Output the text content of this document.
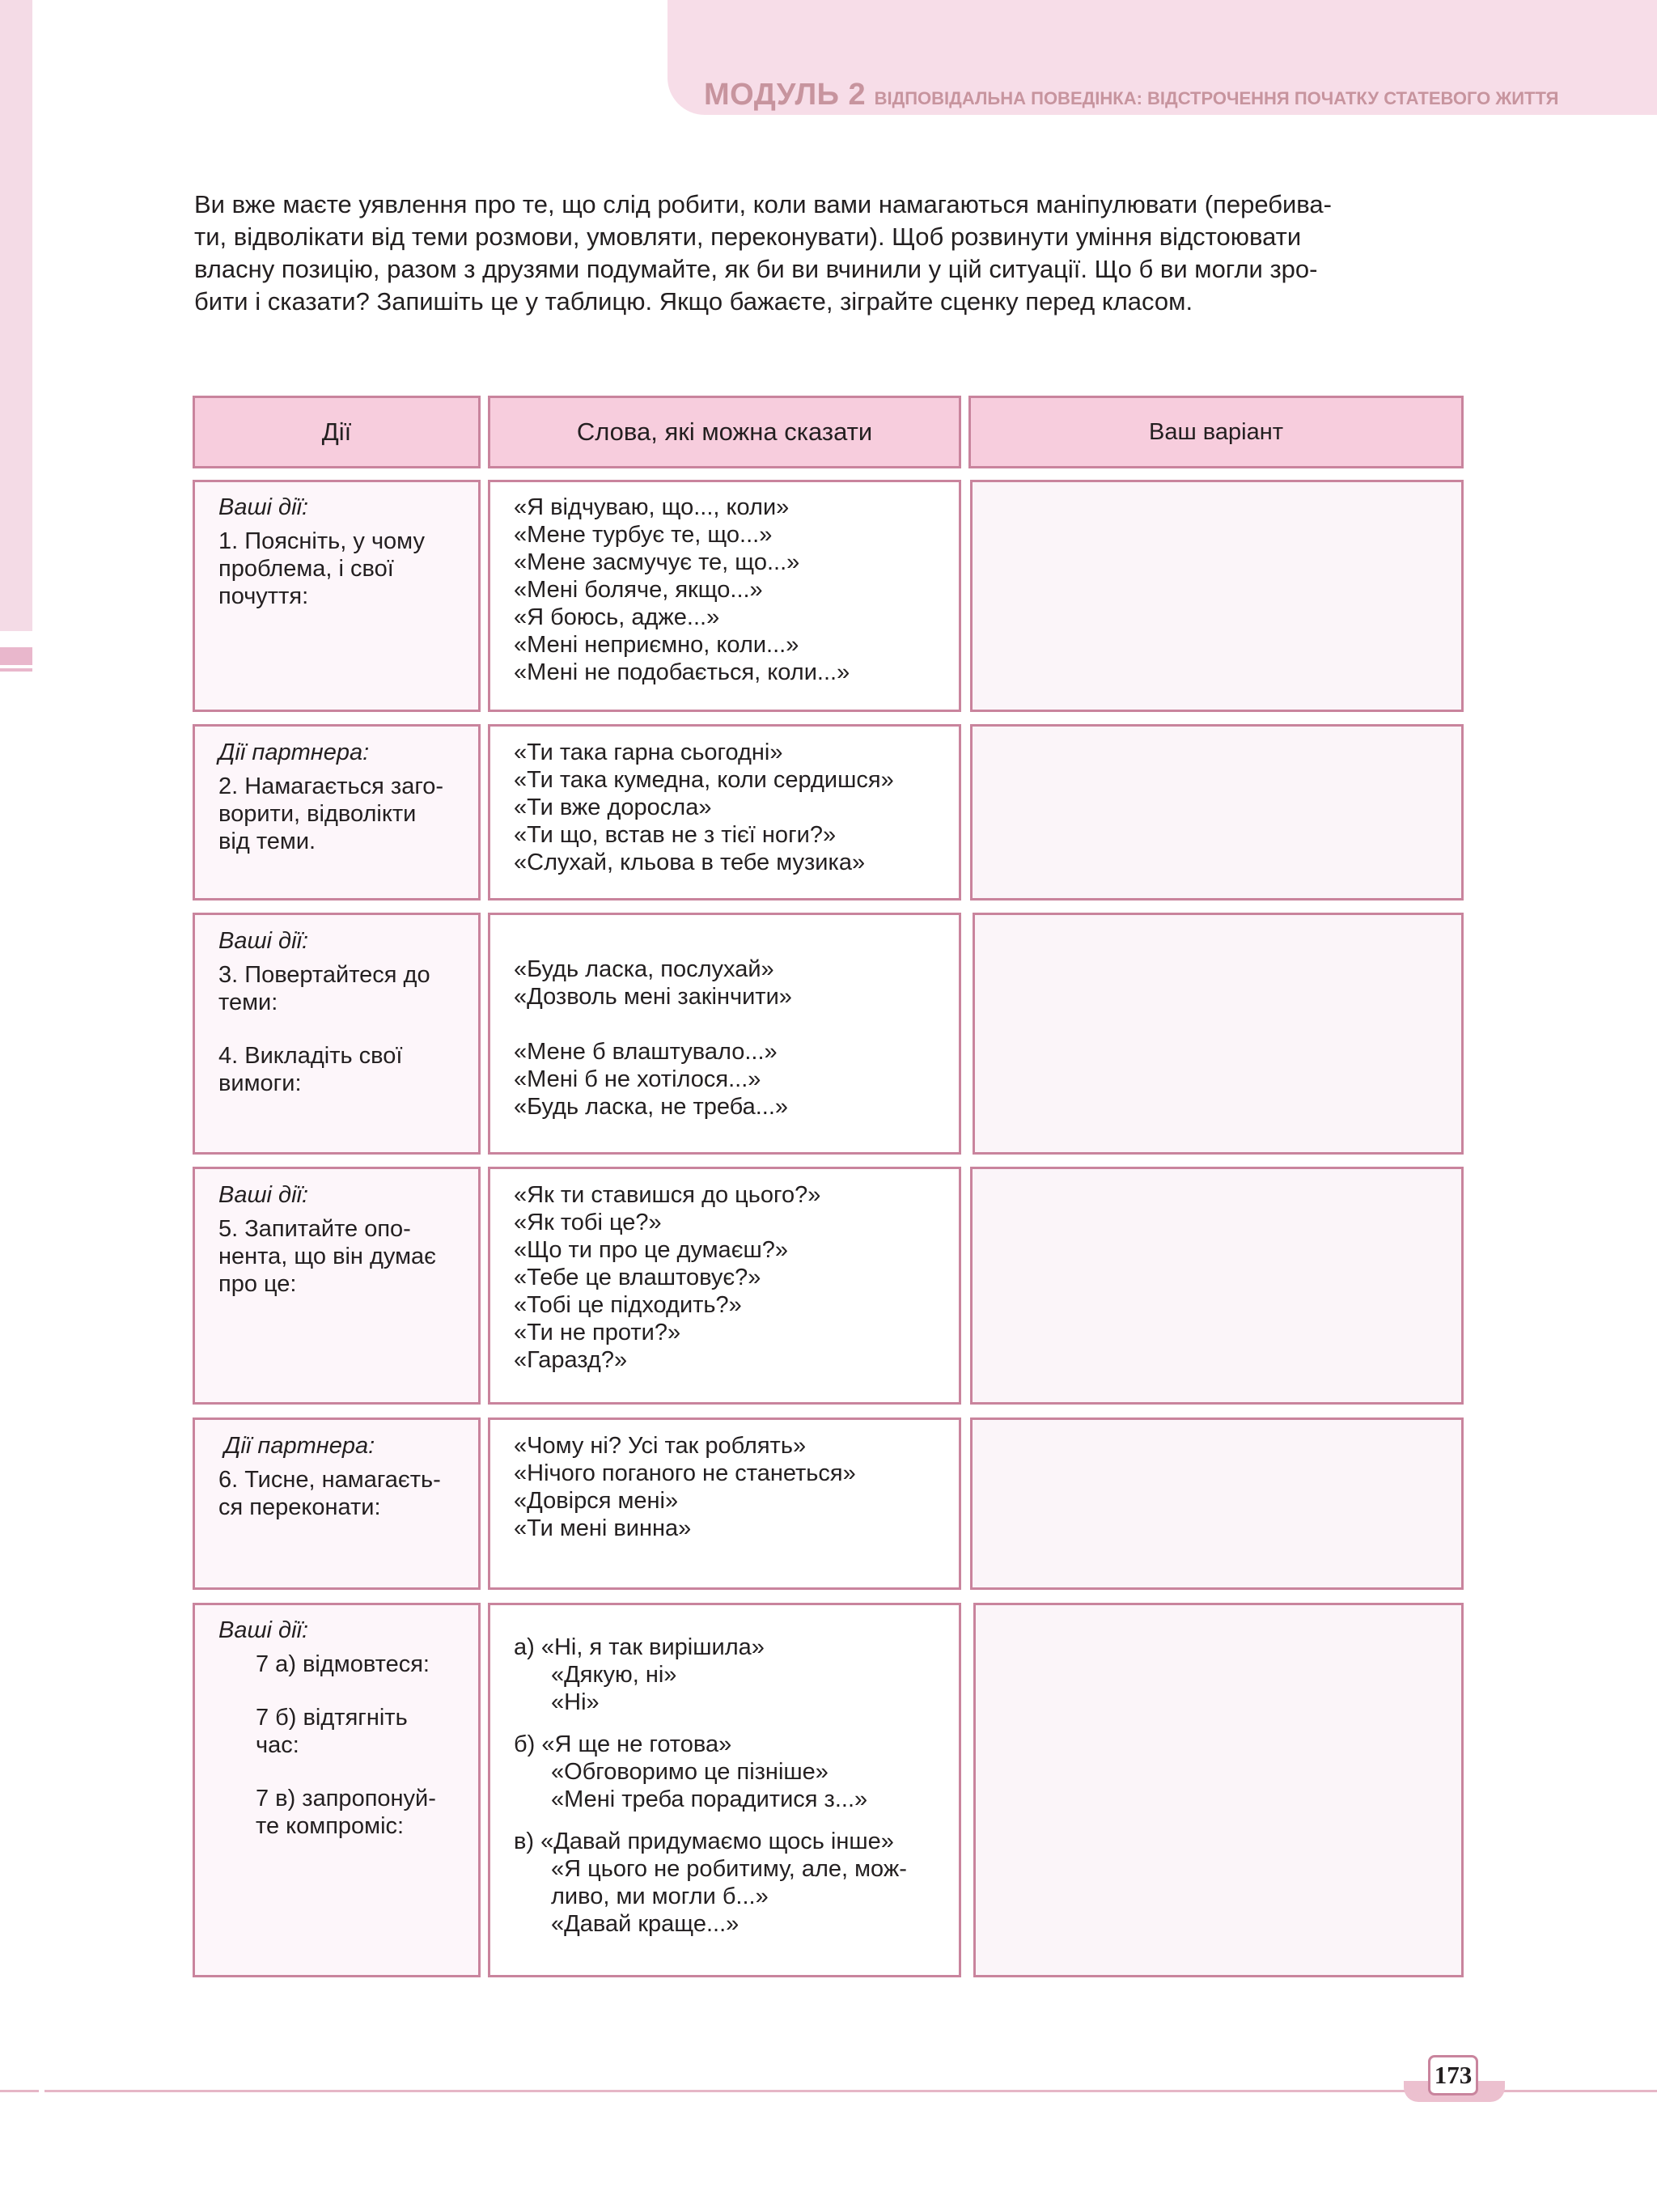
МОДУЛЬ 2 ВІДПОВІДАЛЬНА ПОВЕДІНКА: ВІДСТРОЧЕННЯ ПОЧАТКУ СТАТЕВОГО ЖИТТЯ
Ви вже маєте уявлення про те, що слід робити, коли вами намагаються маніпулювати (перебива-
ти, відволікати від теми розмови, умовляти, переконувати). Щоб розвинути уміння відстоювати
власну позицію, разом з друзями подумайте, як би ви вчинили у цій ситуації. Що б ви могли зро-
бити і сказати? Запишіть це у таблицю. Якщо бажаєте, зіграйте сценку перед класом.
Дії	Слова, які можна сказати	Ваш варіант
Ваші дії:
1. Поясніть, у чому
проблема, і свої
почуття:
«Я відчуваю, що..., коли»
«Мене турбує те, що...»
«Мене засмучує те, що...»
«Мені боляче, якщо...»
«Я боюсь, адже...»
«Мені неприємно, коли...»
«Мені не подобається, коли...»
Дії партнера:
2. Намагається заго-
ворити, відволікти
від теми.
«Ти така гарна сьогодні»
«Ти така кумедна, коли сердишся»
«Ти вже доросла»
«Ти що, встав не з тієї ноги?»
«Слухай, кльова в тебе музика»
Ваші дії:
3. Повертайтеся до
теми:
4. Викладіть свої
вимоги:
«Будь ласка, послухай»
«Дозволь мені закінчити»
«Мене б влаштувало...»
«Мені б не хотілося...»
«Будь ласка, не треба...»
Ваші дії:
5. Запитайте опо-
нента, що він думає
про це:
«Як ти ставишся до цього?»
«Як тобі це?»
«Що ти про це думаєш?»
«Тебе це влаштовує?»
«Тобі це підходить?»
«Ти не проти?»
«Гаразд?»
Дії партнера:
6. Тисне, намагаєть-
ся переконати:
«Чому ні? Усі так роблять»
«Нічого поганого не станеться»
«Довірся мені»
«Ти мені винна»
Ваші дії:
7 а) відмовтеся:
7 б) відтягніть
час:
7 в) запропонуй-
те компроміс:
а) «Ні, я так вирішила»
«Дякую, ні»
«Ні»
б) «Я ще не готова»
«Обговоримо це пізніше»
«Мені треба порадитися з...»
в) «Давай придумаємо щось інше»
«Я цього не робитиму, але, мож-
ливо, ми могли б...»
«Давай краще...»
173
